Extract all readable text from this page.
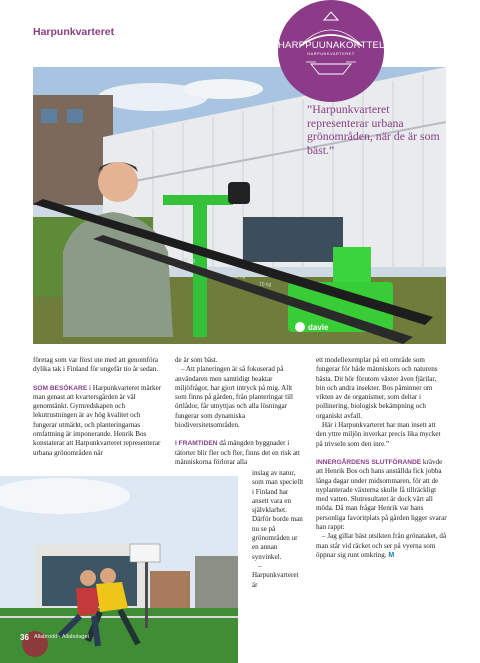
Harpunkvarteret
40 kg
50 kg
60 kg
70 kg
davie
HARPPUUNAKORTTELI
HARPUNKVARTERET
”Harpunkvarteret representerar urbana grönområden, när de är som bäst.”

företag som var först ute med att genomföra dylika tak i Finland för ungefär tio år sedan.

SOM BESÖKARE i Harpunkvarteret märker man genast att kvartersgården är väl genomtänkt. Gymredskapen och lekutrustningen är av hög kvalitet och fungerar utmärkt, och planteringarnas omfattning är imponerande. Henrik Bos konstaterar att Harpunkvarteret representerar urbana grönområden när

de är som bäst.

– Att planeringen är så fokuserad på användaren men samtidigt beaktar miljöfrågor, har gjort intryck på mig. Allt som finns på gården, från planteringar till örtlådor, får utnyttjas och alla lösningar fungerar som dynamiska biodiversitetsområden.

I FRAMTIDEN då mängden byggnader i tätorter blir fler och fler, finns det en risk att människorna förlorar alla

inslag av natur, som man speciellt i Finland har ansett vara en självklarhet. Därför borde man nu se på grönområden ur en annan synvinkel.

– Harpunkvarteret är

ett modellexemplar på ett område som fungerar för både människors och naturens bästa. Dit hör förutom växter även fjärilar, bin och andra insekter. Bos påminner om vikten av de organismer, som deltar i pollinering, biologisk bekämpning och organiskt avfall.

Här i Harpunkvarteret har man insett att den yttre miljön inverkar precis lika mycket på trivseln som den inre.”

INNERGÅRDENS SLUTFÖRANDE krävde att Henrik Bos och hans anställda fick jobba långa dagar under midsommaren, för att de nyplanterade växterna skulle få tillräckligt med vatten. Slutresultatet är dock värt all möda. Då man frågar Henrik var hans personliga favoritplats på gården ligger svarar han rappt:

– Jag gillar bäst utsikten från grönataket, då man står vid räcket och ser på vyerna som öppnar sig runt omkring. M

36 Allabrodd · Allabolaget
